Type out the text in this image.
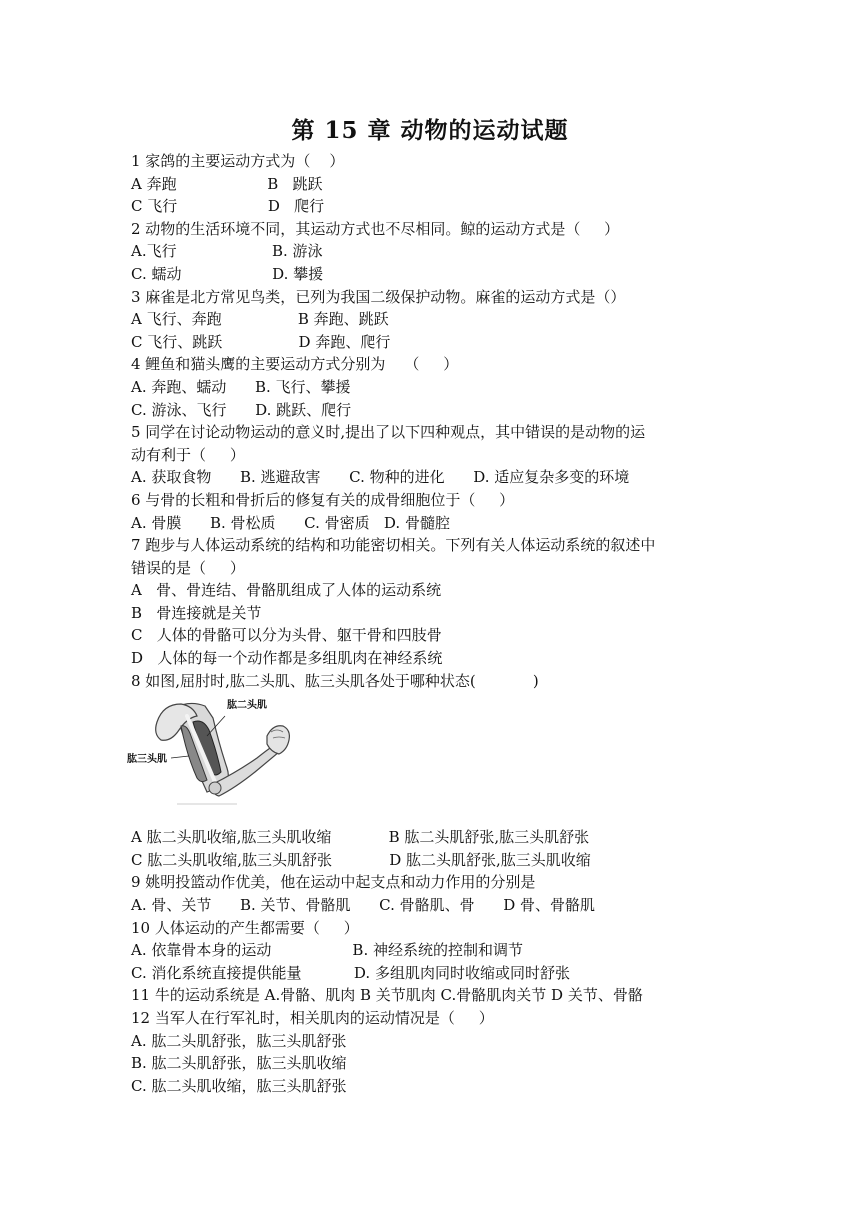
第 15 章 动物的运动试题
1 家鸽的主要运动方式为（    ）
A 奔跑                   B   跳跃
C 飞行                   D   爬行
2 动物的生活环境不同，其运动方式也不尽相同。鲸的运动方式是（     ）
A.飞行                    B. 游泳
C. 蠕动                   D. 攀援
3 麻雀是北方常见鸟类，已列为我国二级保护动物。麻雀的运动方式是（）
A 飞行、奔跑                B 奔跑、跳跃
C 飞行、跳跃                D 奔跑、爬行
4 鲤鱼和猫头鹰的主要运动方式分别为    （     ）
A. 奔跑、蠕动      B. 飞行、攀援
C. 游泳、飞行      D. 跳跃、爬行
5 同学在讨论动物运动的意义时,提出了以下四种观点，其中错误的是动物的运
动有利于（     ）
A. 获取食物      B. 逃避敌害      C. 物种的进化      D. 适应复杂多变的环境
6 与骨的长粗和骨折后的修复有关的成骨细胞位于（     ）
A. 骨膜      B. 骨松质      C. 骨密质   D. 骨髓腔
7 跑步与人体运动系统的结构和功能密切相关。下列有关人体运动系统的叙述中
错误的是（     ）
A   骨、骨连结、骨骼肌组成了人体的运动系统
B   骨连接就是关节
C   人体的骨骼可以分为头骨、躯干骨和四肢骨
D   人体的每一个动作都是多组肌肉在神经系统
8 如图,屈肘时,肱二头肌、肱三头肌各处于哪种状态(            )
肱二头肌
肱三头肌
A 肱二头肌收缩,肱三头肌收缩            B 肱二头肌舒张,肱三头肌舒张
C 肱二头肌收缩,肱三头肌舒张            D 肱二头肌舒张,肱三头肌收缩
9 姚明投篮动作优美，他在运动中起支点和动力作用的分别是
A. 骨、关节      B. 关节、骨骼肌      C. 骨骼肌、骨      D 骨、骨骼肌
10 人体运动的产生都需要（     ）
A. 依靠骨本身的运动                 B. 神经系统的控制和调节
C. 消化系统直接提供能量           D. 多组肌肉同时收缩或同时舒张
11 牛的运动系统是 A.骨骼、肌肉 B 关节肌肉 C.骨骼肌肉关节 D 关节、骨骼
12 当军人在行军礼时，相关肌肉的运动情况是（     ）
A. 肱二头肌舒张，肱三头肌舒张
B. 肱二头肌舒张，肱三头肌收缩
C. 肱二头肌收缩，肱三头肌舒张
